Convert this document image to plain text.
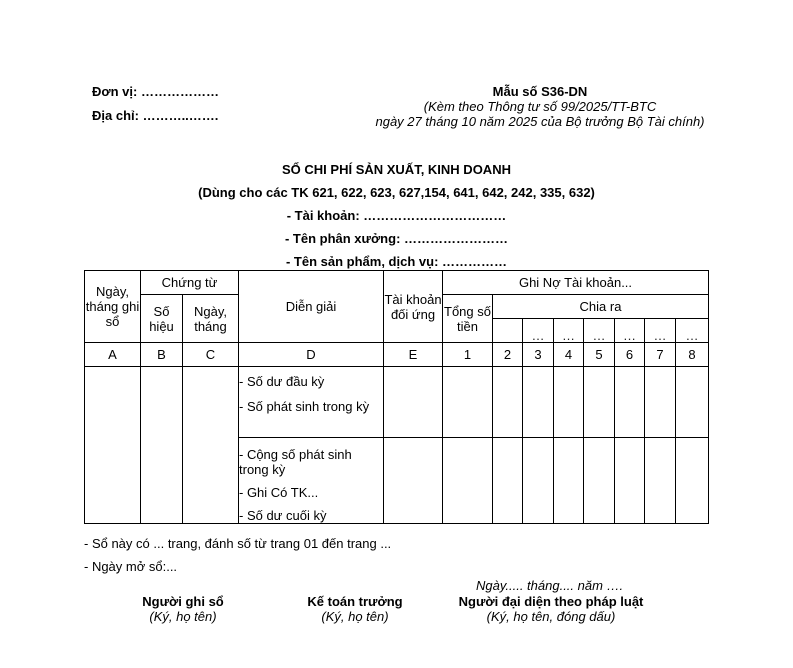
Đơn vị: ………………
Địa chỉ: ………..…….
Mẫu số S36-DN
(Kèm theo Thông tư số 99/2025/TT-BTC
ngày 27 tháng 10 năm 2025 của Bộ trưởng Bộ Tài chính)
SỔ CHI PHÍ SẢN XUẤT, KINH DOANH
(Dùng cho các TK 621, 622, 623, 627,154, 641, 642, 242, 335, 632)
- Tài khoản: ……………………………
- Tên phân xưởng: ……………………
- Tên sản phẩm, dịch vụ: ……………
Ngày, tháng ghi sổ	Chứng từ		Diễn giải	Tài khoản đối ứng	Ghi Nợ Tài khoản...							
	Số hiệu	Ngày, tháng			Tổng số tiền	Chia ra						
							…	…	…	…	…	…
A	B	C	D	E	1	2	3	4	5	6	7	8

			- Số dư đầu kỳ
- Số phát sinh trong kỳ									

			- Cộng số phát sinh trong kỳ
- Ghi Có TK...
- Số dư cuối kỳ									

- Sổ này có ... trang, đánh số từ trang 01 đến trang ...
- Ngày mở sổ:...
Ngày..... tháng.... năm ….
Người ghi sổ
(Ký, họ tên)
Kế toán trưởng
(Ký, họ tên)
Người đại diện theo pháp luật
(Ký, họ tên, đóng dấu)
